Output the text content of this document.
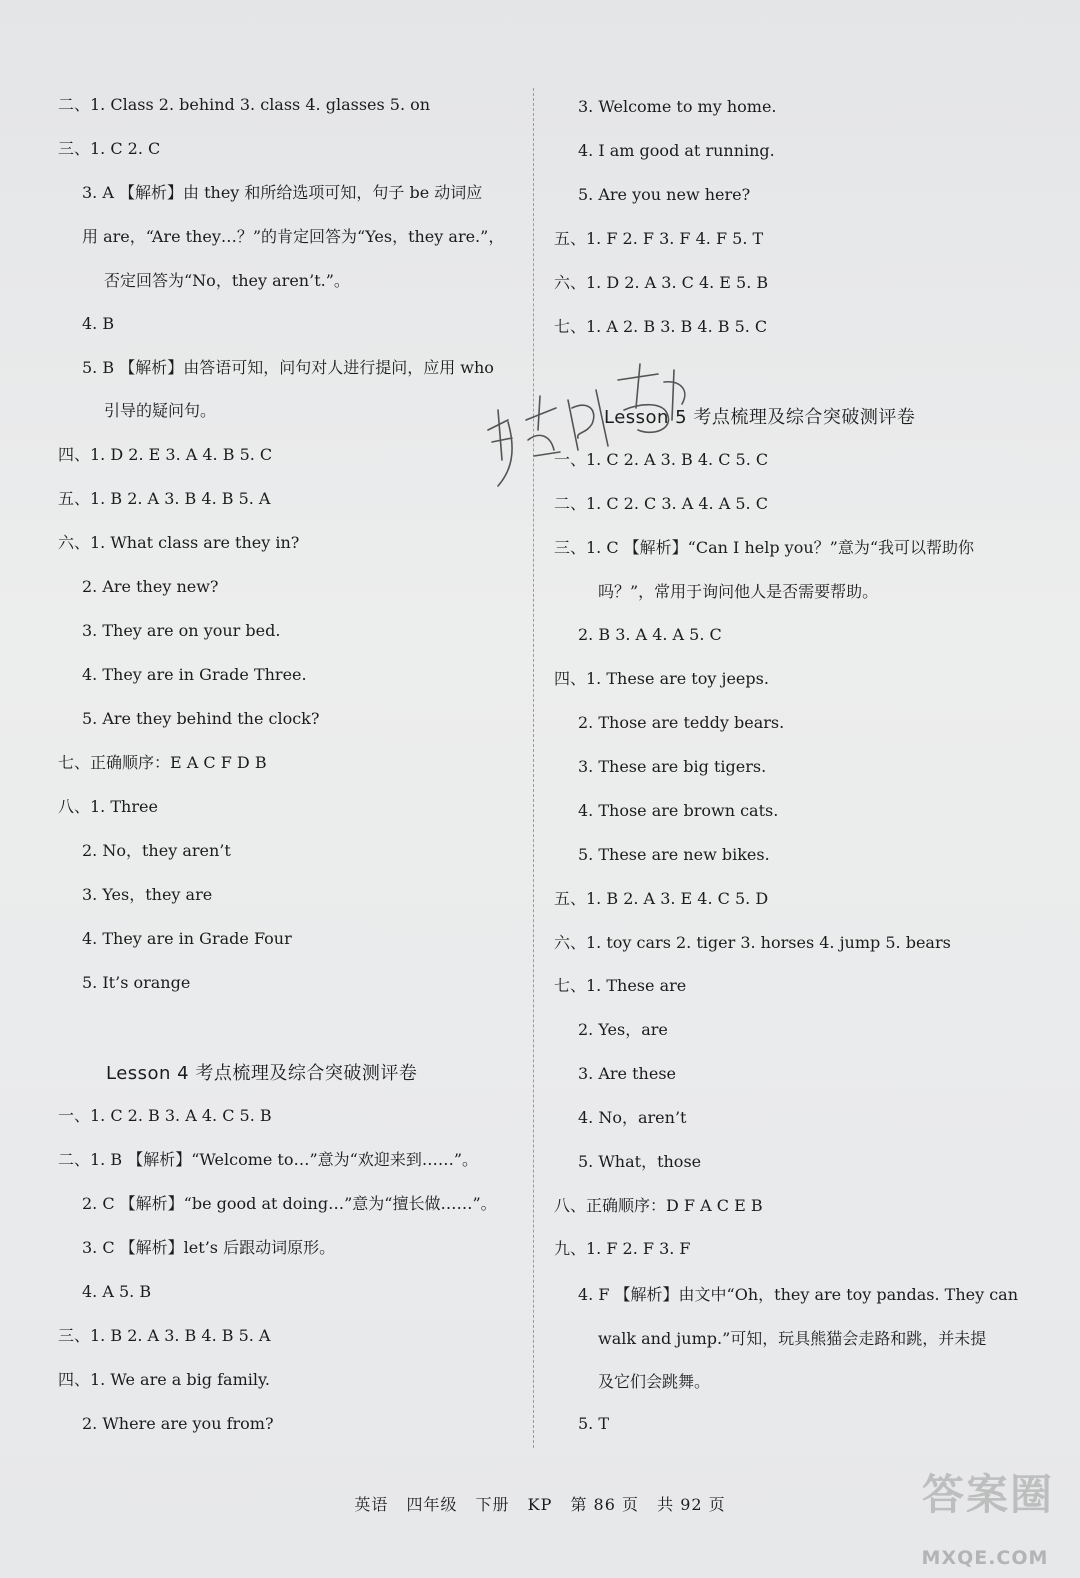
二、1. Class 2. behind 3. class 4. glasses 5. on
三、1. C 2. C
3. A 【解析】由 they 和所给选项可知，句子 be 动词应
用 are，“Are they…？”的肯定回答为“Yes，they are.”，
否定回答为“No，they aren’t.”。
4. B
5. B 【解析】由答语可知，问句对人进行提问，应用 who
引导的疑问句。
四、1. D 2. E 3. A 4. B 5. C
五、1. B 2. A 3. B 4. B 5. A
六、1. What class are they in?
2. Are they new?
3. They are on your bed.
4. They are in Grade Three.
5. Are they behind the clock?
七、正确顺序：E A C F D B
八、1. Three
2. No，they aren’t
3. Yes，they are
4. They are in Grade Four
5. It’s orange
Lesson 4 考点梳理及综合突破测评卷
一、1. C 2. B 3. A 4. C 5. B
二、1. B 【解析】“Welcome to…”意为“欢迎来到……”。
2. C 【解析】“be good at doing…”意为“擅长做……”。
3. C 【解析】let’s 后跟动词原形。
4. A 5. B
三、1. B 2. A 3. B 4. B 5. A
四、1. We are a big family.
2. Where are you from?
3. Welcome to my home.
4. I am good at running.
5. Are you new here?
五、1. F 2. F 3. F 4. F 5. T
六、1. D 2. A 3. C 4. E 5. B
七、1. A 2. B 3. B 4. B 5. C
Lesson 5 考点梳理及综合突破测评卷
一、1. C 2. A 3. B 4. C 5. C
二、1. C 2. C 3. A 4. A 5. C
三、1. C 【解析】“Can I help you？”意为“我可以帮助你
吗？”，常用于询问他人是否需要帮助。
2. B 3. A 4. A 5. C
四、1. These are toy jeeps.
2. Those are teddy bears.
3. These are big tigers.
4. Those are brown cats.
5. These are new bikes.
五、1. B 2. A 3. E 4. C 5. D
六、1. toy cars 2. tiger 3. horses 4. jump 5. bears
七、1. These are
2. Yes，are
3. Are these
4. No，aren’t
5. What，those
八、正确顺序：D F A C E B
九、1. F 2. F 3. F
4. F 【解析】由文中“Oh，they are toy pandas. They can
walk and jump.”可知，玩具熊猫会走路和跳，并未提
及它们会跳舞。
5. T
英语 四年级 下册 KP 第 86 页 共 92 页	答案圈
MXQE.COM
